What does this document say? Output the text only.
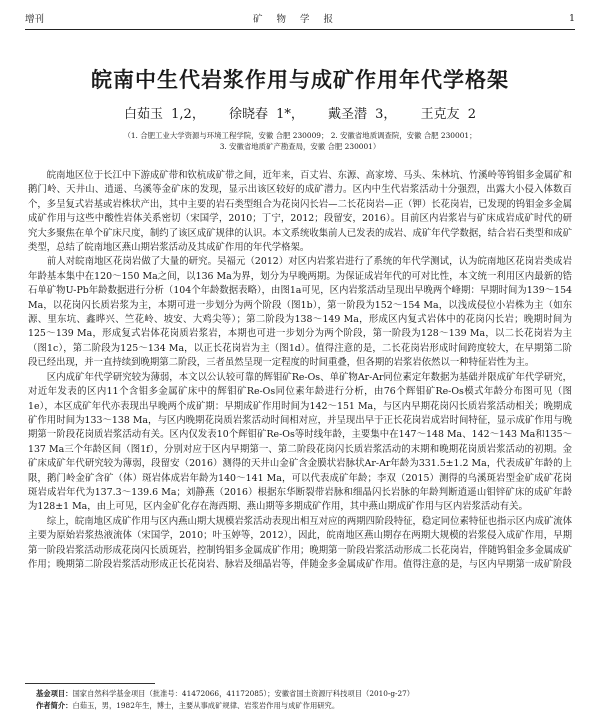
增刊	矿物学报	1
皖南中生代岩浆作用与成矿作用年代学格架
白茹玉 1,2， 徐晓春 1*， 戴圣潜 3， 王克友 2
（1. 合肥工业大学资源与环境工程学院，安徽 合肥 230009； 2. 安徽省地质调查院，安徽 合肥 230001；
3. 安徽省地质矿产勘查局，安徽 合肥 230001）

皖南地区位于长江中下游成矿带和钦杭成矿带之间，近年来，百丈岩、东源、高家塝、马头、朱林坑、竹溪岭等钨钼多金属矿和鹅门岭、天井山、逍遥、乌溪等金矿床的发现，显示出该区较好的成矿潜力。区内中生代岩浆活动十分强烈，出露大小侵入体数百个，多呈复式岩基或岩株状产出，其中主要的岩石类型组合为花岗闪长岩—二长花岗岩—正（钾）长花岗岩，已发现的钨钼金多金属成矿作用与这些中酸性岩体关系密切（宋国学，2010；丁宁，2012；段留安，2016）。目前区内岩浆岩与矿床成岩成矿时代的研究大多聚焦在单个矿床尺度，制约了该区成矿规律的认识。本文系统收集前人已发表的成岩、成矿年代学数据，结合岩石类型和成矿类型，总结了皖南地区燕山期岩浆活动及其成矿作用的年代学格架。

前人对皖南地区花岗岩做了大量的研究。吴福元（2012）对区内岩浆岩进行了系统的年代学测试，认为皖南地区花岗岩类成岩年龄基本集中在120～150 Ma之间，以136 Ma为界，划分为早晚两期。为保证成岩年代的可对比性，本文统一利用区内最新的锆石单矿物U-Pb年龄数据进行分析（104个年龄数据表略），由图1a可见，区内岩浆活动呈现出早晚两个峰期：早期时间为139～154 Ma，以花岗闪长质岩浆为主，本期可进一步划分为两个阶段（图1b），第一阶段为152～154 Ma，以浅成侵位小岩株为主（如东源、里东坑、鑫晔兴、竺花岭、坡安、大鸡尖等）；第二阶段为138～149 Ma，形成区内复式岩体中的花岗闪长岩；晚期时间为125～139 Ma，形成复式岩体花岗质岩浆岩，本期也可进一步划分为两个阶段，第一阶段为128～139 Ma，以二长花岗岩为主（图1c），第二阶段为125～134 Ma，以正长花岗岩为主（图1d）。值得注意的是，二长花岗岩形成时间跨度较大，在早期第二阶段已经出现，并一直持续到晚期第二阶段，三者虽然呈现一定程度的时间重叠，但各期的岩浆岩依然以一种特征岩性为主。

区内成矿年代学研究较为薄弱，本文以公认较可靠的辉钼矿Re-Os、单矿物Ar-Ar同位素定年数据为基础并限成矿年代学研究，对近年发表的区内11个含钼多金属矿床中的辉钼矿Re-Os同位素年龄进行分析，由76个辉钼矿Re-Os模式年龄分布图可见（图1e），本区成矿年代亦表现出早晚两个成矿期：早期成矿作用时间为142～151 Ma，与区内早期花岗闪长质岩浆活动相关；晚期成矿作用时间为133～138 Ma，与区内晚期花岗质岩浆活动时间相对应，并呈现出早于正长花岗岩成岩时间特征，显示成矿作用与晚期第一阶段花岗质岩浆活动有关。区内仅发表10个辉钼矿Re-Os等时线年龄，主要集中在147～148 Ma、142～143 Ma和135～137 Ma三个年龄区间（图1f），分别对应于区内早期第一、第二阶段花岗闪长质岩浆活动的末期和晚期花岗质岩浆活动的初期。金矿床成矿年代研究较为薄弱，段留安（2016）测得的天井山金矿含金膜状岩脉状Ar-Ar年龄为331.5±1.2 Ma，代表成矿年龄的上限，鹅门岭金矿含矿（体）斑岩体成岩年龄为140～141 Ma，可以代表成矿年龄；李双（2015）测得的乌溪斑岩型金矿成矿花岗斑岩成岩年代为137.3～139.6 Ma；刘静燕（2016）根据东华断裂带岩脉和细晶闪长岩脉的年龄判断逍遥山钼锌矿床的成矿年龄为128±1 Ma，由上可见，区内金矿化存在海西期、燕山期等多期成矿作用，其中燕山期成矿作用与区内岩浆活动有关。

综上，皖南地区成矿作用与区内燕山期大规模岩浆活动表现出相互对应的两期四阶段特征，稳定同位素特征也指示区内成矿流体主要为原始岩浆热液流体（宋国学，2010；叶玉婷等，2012），因此，皖南地区燕山期存在两期大规模的岩浆侵入成矿作用，早期第一阶段岩浆活动形成花岗闪长质斑岩，控制钨钼多金属成矿作用；晚期第一阶段岩浆活动形成二长花岗岩，伴随钨钼金多金属成矿作用；晚期第二阶段岩浆活动形成正长花岗岩、脉岩及细晶岩等，伴随金多金属成矿作用。值得注意的是，与区内早期第一成矿阶段

基金项目：国家自然科学基金项目（批准号：41472066，41172085）；安徽省国土资源厅科技项目（2010-g-27）
作者简介：白茹玉，男，1982年生，博士，主要从事成矿规律、岩浆岩作用与成矿作用研究。
